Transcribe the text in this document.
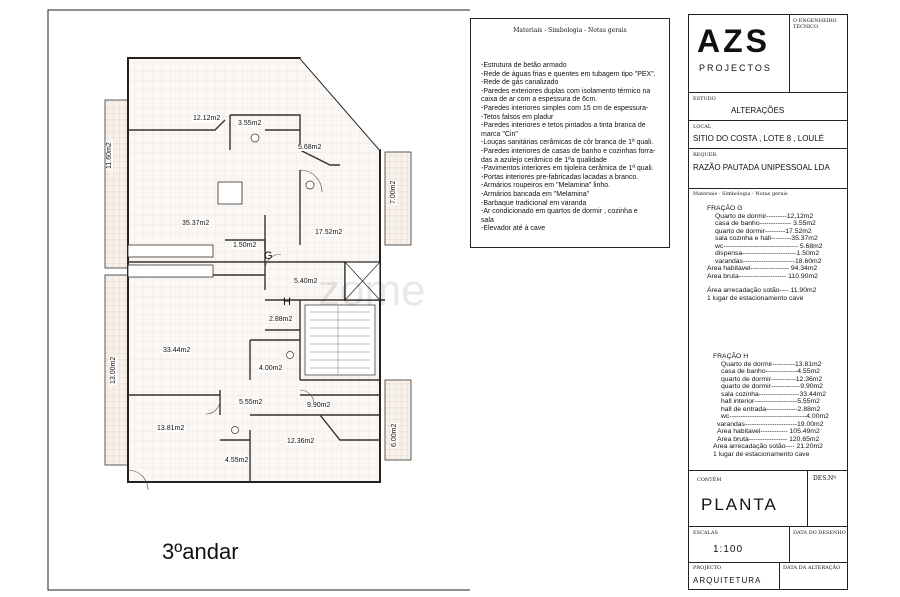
zome
12.12m2
3.55m2
5.68m2
11.60m2
7.00m2
35.37m2
17.52m2
1.50m2
5.40m2
2.88m2
33.44m2
4.00m2
13.00m2
5.55m2	9.90m2
13.81m2
12.36m2
4.55m2
6.00m2
G
H
3ºandar
Materiais - Simbologia - Notas gerais
-Estrutura de betão armado
-Rede de águas frias e quentes em tubagem tipo "PEX".
-Rede de gás canalizado
-Paredes exteriores duplas com isolamento térmico na
caixa de ar com a espessura de 6cm.
-Paredes interiores simples com 15 cm de espessura-
-Tetos falsos em pladur
-Paredes interiores e tetos pintados a tinta branca de
marca "Cin"
-Louças sanitárias cerâmicas de côr branca de 1ª quali.
-Paredes interiores de casas de banho e cozinhas forra-
das a azulejo cerâmico de 1ªa qualidade
-Pavimentos interiores em tijoleira cerâmica de 1ª quali.
-Portas interiores pre-fabricadas lacadas a branco.
-Armários roupeiros em "Melamina" linho.
-Armários bancada em "Melamina"
-Barbaque tradicional em varanda
-Ar condicionado em quartos de dormir , cozinha e
sala
-Elevador até à cave
AZS
PROJECTOS
O ENGENHEIRO TÉCNICO
ESTUDO
ALTERAÇÕES
LOCAL
SITIO DO COSTA , LOTE 8 , LOULÉ
REQUER.
RAZÃO PAUTADA UNIPESSOAL LDA
Materiais - Simbologia - Notas gerais
FRAÇÃO G
Quarto de dormir---------12,12m2
casa de banho-------------- 3.55m2
quarto de dormir---------17.52m2
sala cozinha e hall---------35.37m2
wc--------------------------------- 5.68m2
dispensa------------------------1.50m2
varandas-----------------------18.60m2
Area habitavel----------------- 94.34m2
Area bruta--------------------- 110.90m2
Área arrecadação sotão---- 11.90m2
1 lugar de estacionamento cave
FRAÇÃO H
Quarto de dormir----------13.81m2
casa de banho--------------4.55m2
quarto de dormir-----------12.36m2
quarto de dormir-------------9.90m2
sala cozinha------------------33.44m2
hall interior-------------------5.55m2
hall de entrada--------------2.88m2
wc----------------------------------4.00m2
varandas-----------------------19.00m2
Area habitavel------------ 105.49m2
Area bruta----------------- 120.65m2
Area arrecadação sotão---- 21.20m2
1 lugar de estacionamento cave
CONTÊM
PLANTA
DES.Nº
ESCALAS
1:100
DATA DO DESENHO
PROJECTO
ARQUITETURA
DATA DA ALTERAÇÃO
